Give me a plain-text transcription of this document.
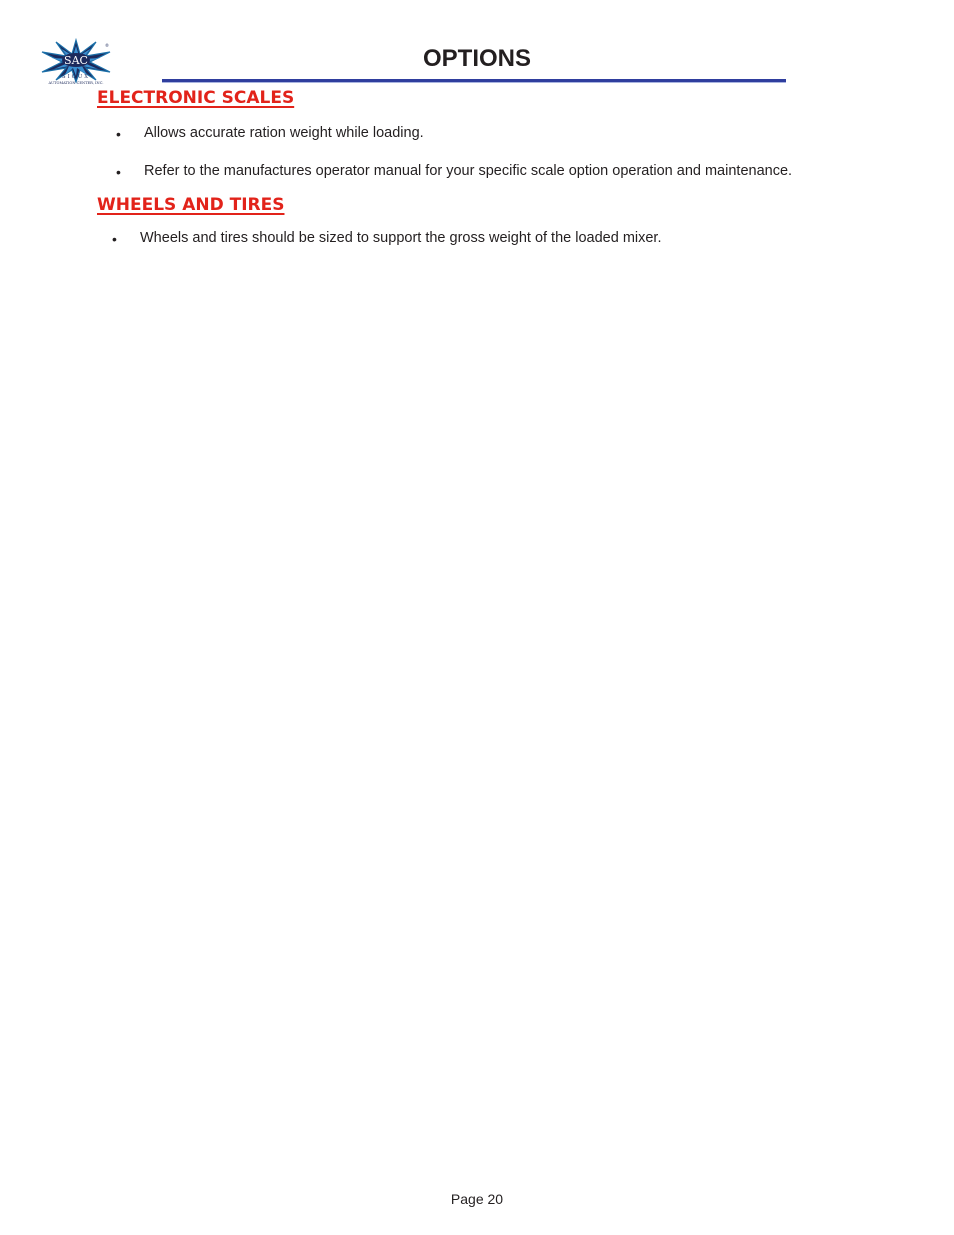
SAC
®
SIOUX
AUTOMATION CENTER, INC.
OPTIONS
ELECTRONIC SCALES
• Allows accurate ration weight while loading.
• Refer to the manufactures operator manual for your specific scale option operation and maintenance.
WHEELS AND TIRES
• Wheels and tires should be sized to support the gross weight of the loaded mixer.
Page 20
